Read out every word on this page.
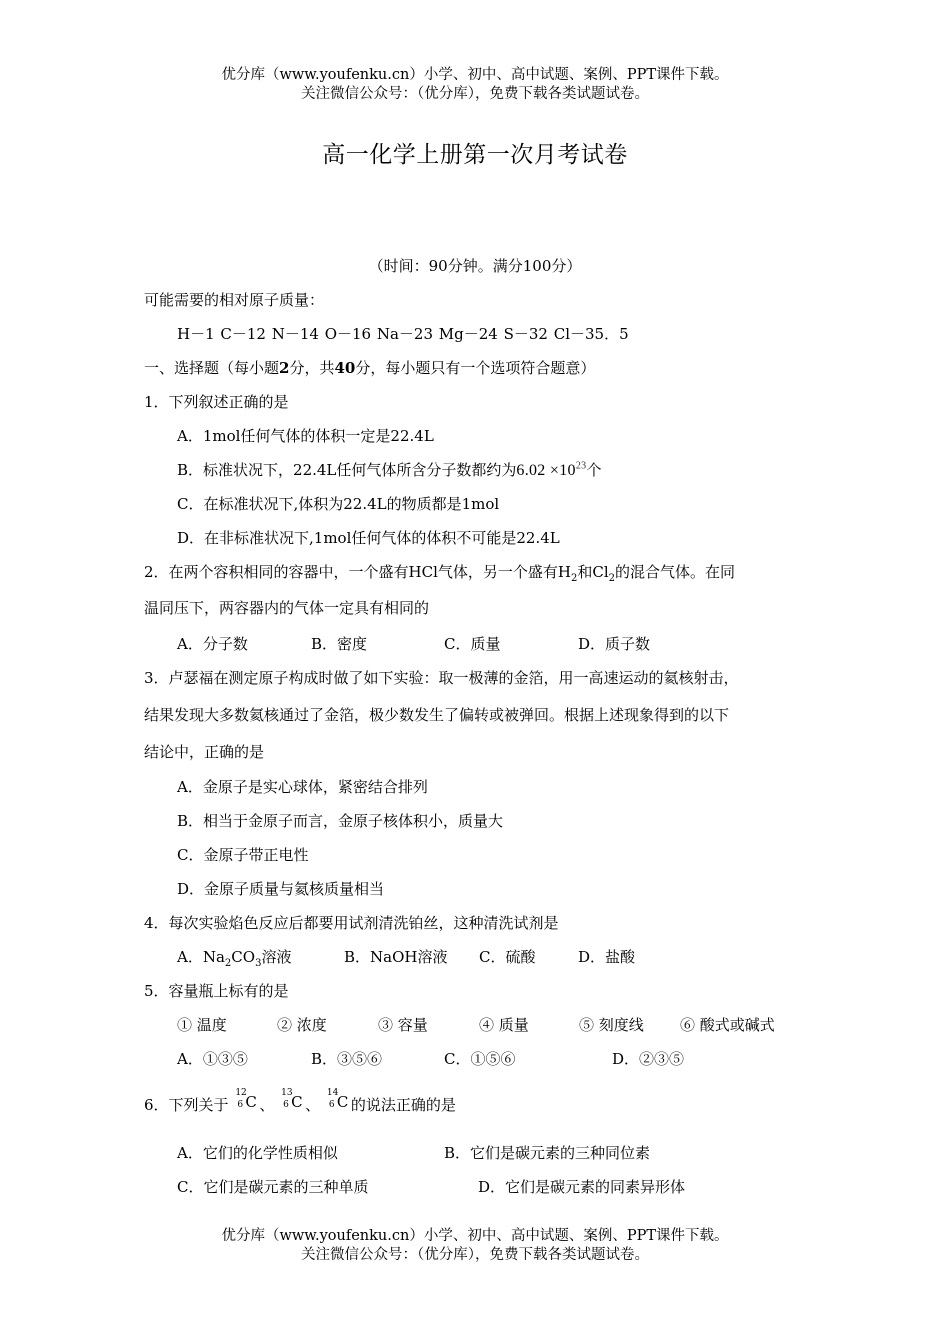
优分库（www.youfenku.cn）小学、初中、高中试题、案例、PPT课件下载。
关注微信公众号：（优分库），免费下载各类试题试卷。
高一化学上册第一次月考试卷
（时间：90分钟。满分100分）
可能需要的相对原子质量：
H－1 C－12 N－14 O－16 Na－23 Mg－24 S－32 Cl－35．5
一、选择题（每小题2分，共40分，每小题只有一个选项符合题意）
1．下列叙述正确的是
A．1mol任何气体的体积一定是22.4L
B．标准状况下，22.4L任何气体所含分子数都约为$6.02 \times 10^{23}$个
C．在标准状况下,体积为22.4L的物质都是1mol
D．在非标准状况下,1mol任何气体的体积不可能是22.4L
2．在两个容积相同的容器中，一个盛有HCl气体，另一个盛有$H_2$和$Cl_2$的混合气体。在同
温同压下，两容器内的气体一定具有相同的
A．分子数	B．密度	C．质量	D．质子数
3．卢瑟福在测定原子构成时做了如下实验：取一极薄的金箔，用一高速运动的氦核射击，
结果发现大多数氦核通过了金箔，极少数发生了偏转或被弹回。根据上述现象得到的以下
结论中，正确的是
A．金原子是实心球体，紧密结合排列
B．相当于金原子而言，金原子核体积小，质量大
C．金原子带正电性
D．金原子质量与氦核质量相当
4．每次实验焰色反应后都要用试剂清洗铂丝，这种清洗试剂是
A．$Na_2CO_3$溶液	B．NaOH溶液 C．硫酸	D．盐酸
5．容量瓶上标有的是
① 温度	② 浓度	③ 容量	④ 质量	⑤ 刻度线 ⑥ 酸式或碱式
A．①③⑤	B．③⑤⑥	C．①⑤⑥	D．②③⑤
6．下列关于
12
6 C 、
13
6 C 、
14
6 C 的说法正确的是
A．它们的化学性质相似	B．它们是碳元素的三种同位素
C．它们是碳元素的三种单质	D．它们是碳元素的同素异形体
优分库（www.youfenku.cn）小学、初中、高中试题、案例、PPT课件下载。
关注微信公众号：（优分库），免费下载各类试题试卷。
